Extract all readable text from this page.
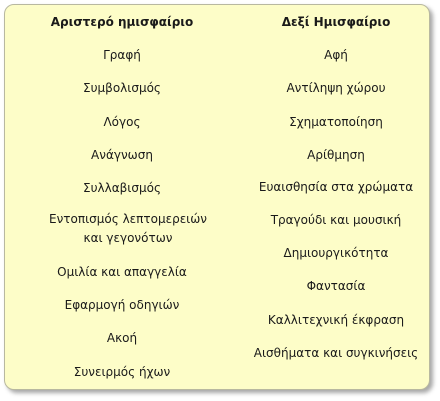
Αριστερό ημισφαίριο
Γραφή
Συμβολισμός
Λόγος
Ανάγνωση
Συλλαβισμός
Εντοπισμός λεπτομερειών και γεγονότων
Ομιλία και απαγγελία
Εφαρμογή οδηγιών
Ακοή
Συνειρμός ήχων
Δεξί Ημισφαίριο
Αφή
Αντίληψη χώρου
Σχηματοποίηση
Αρίθμηση
Ευαισθησία στα χρώματα
Τραγούδι και μουσική
Δημιουργικότητα
Φαντασία
Καλλιτεχνική έκφραση
Αισθήματα και συγκινήσεις
